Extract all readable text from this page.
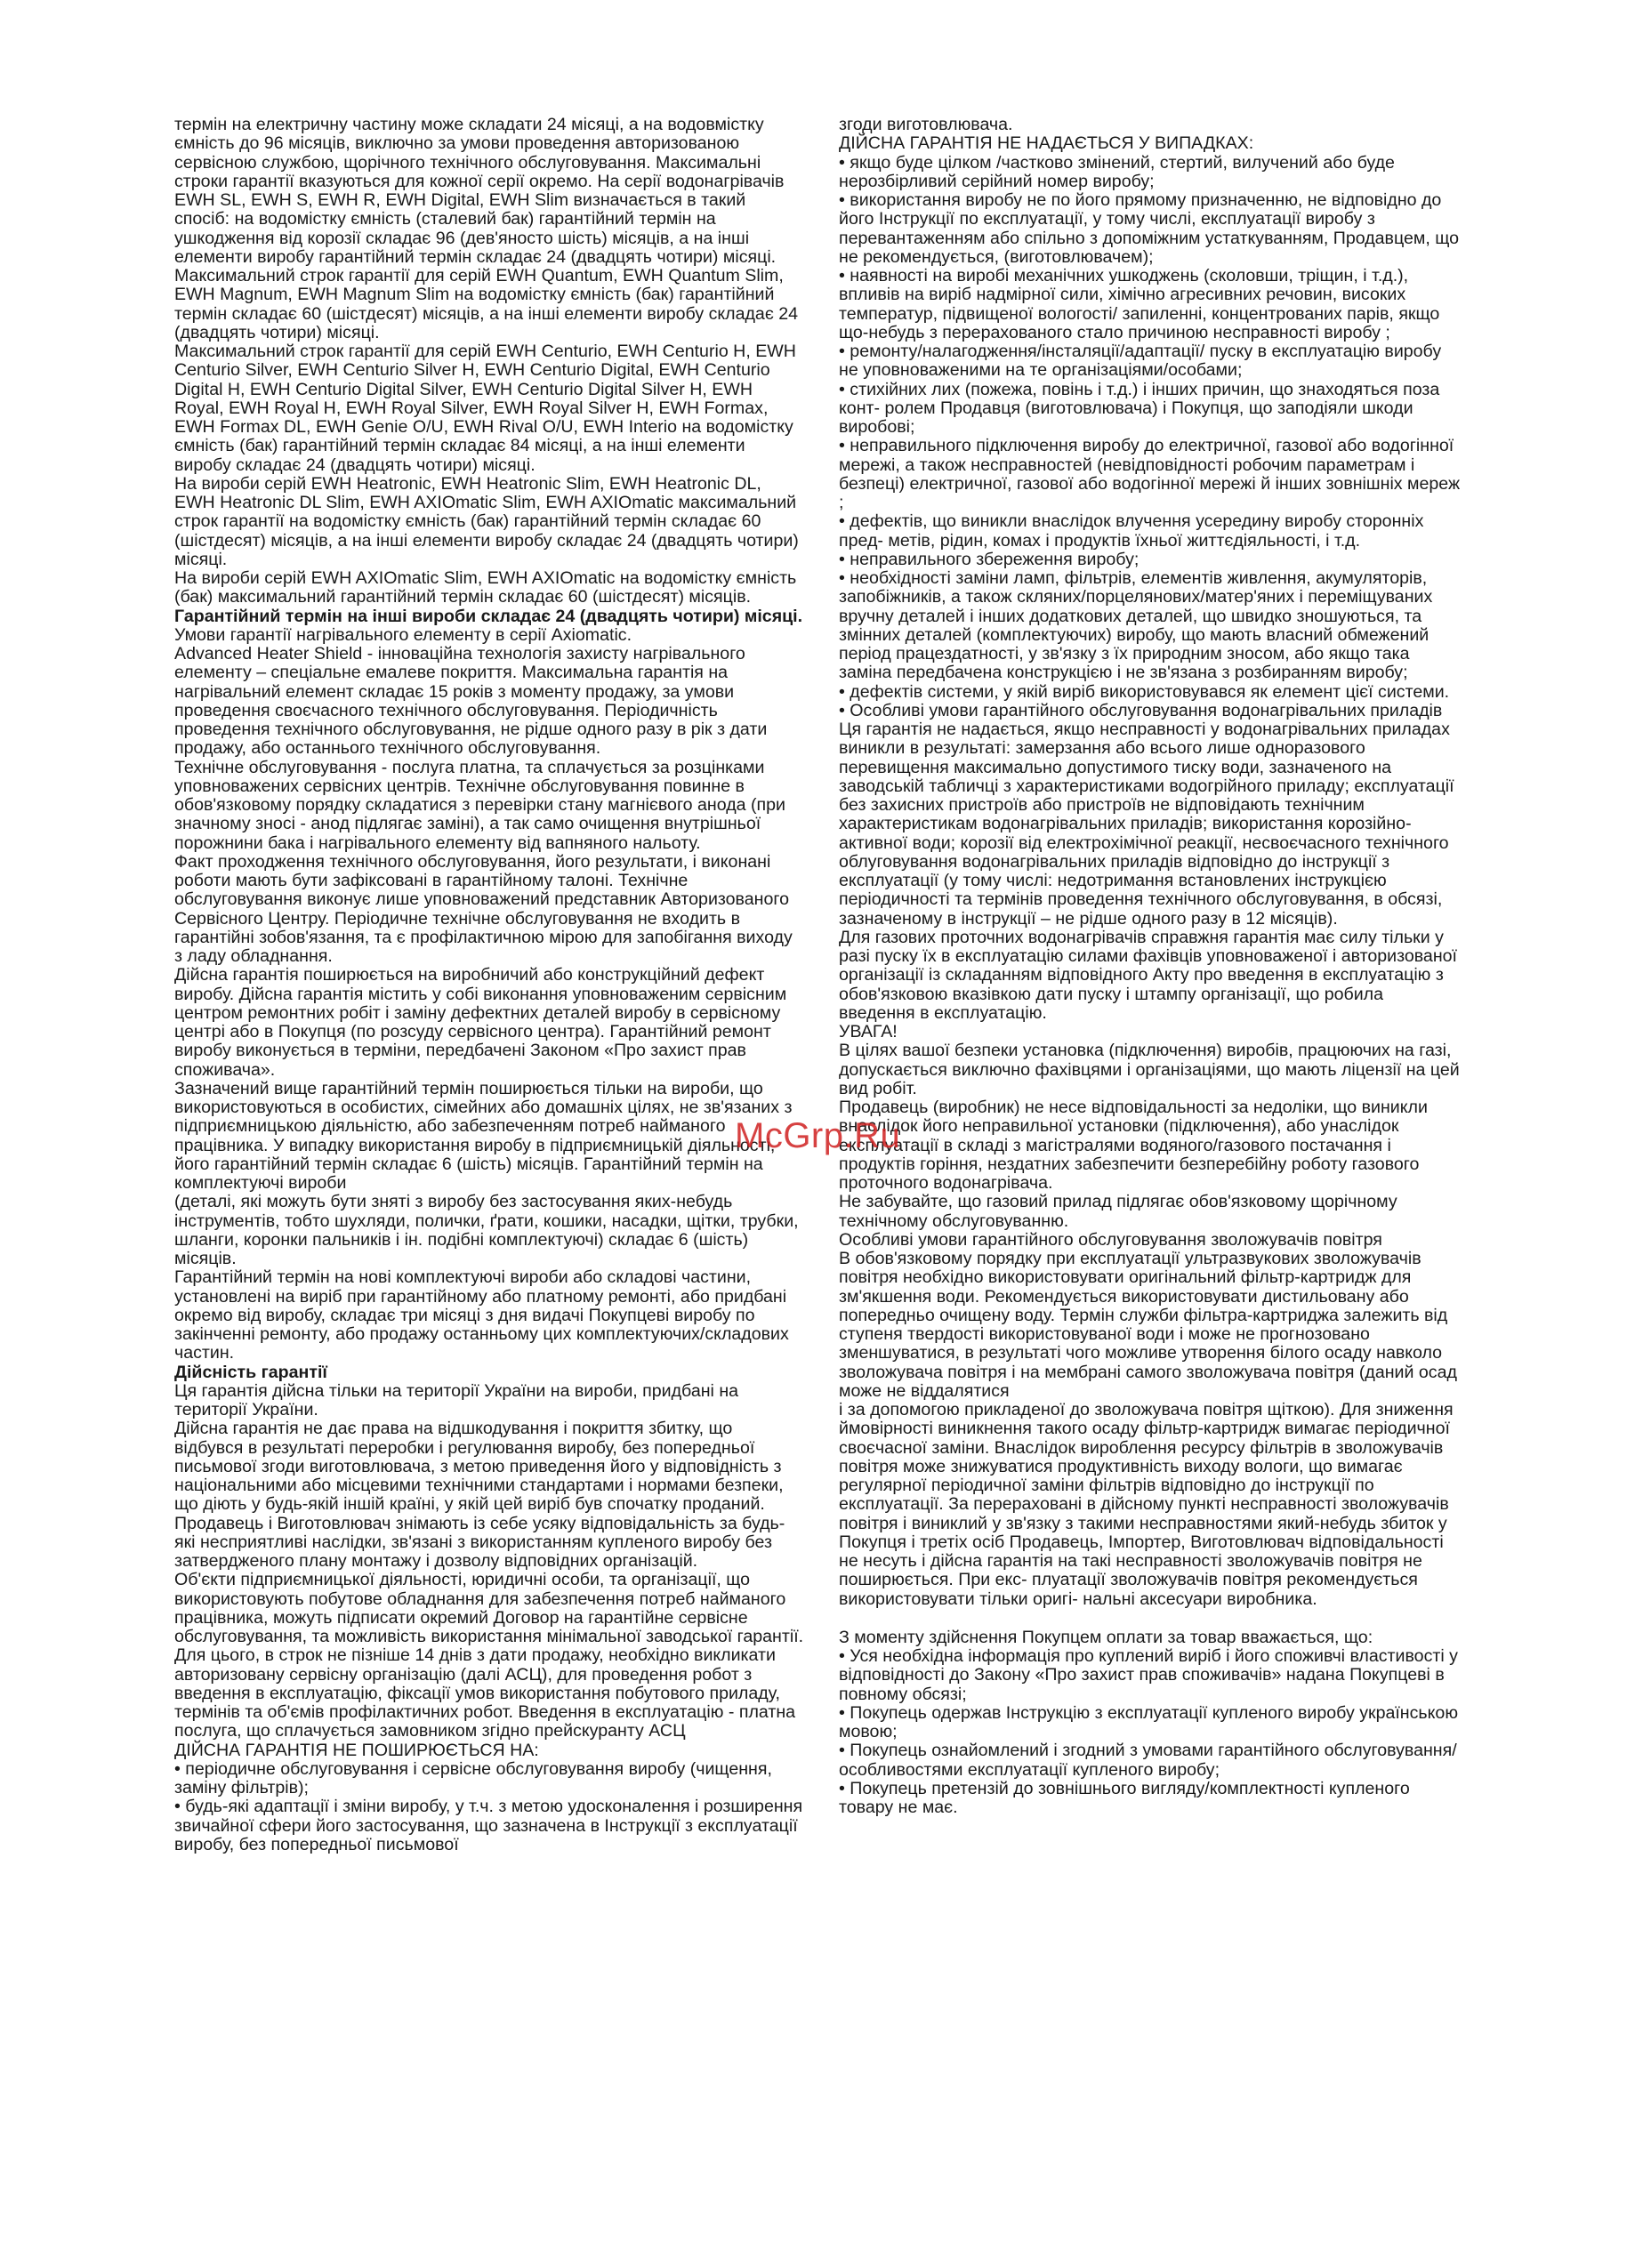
термін на електричну частину може складати 24 місяці, а на водовмістку ємність до 96 місяців, виключно за умови проведення авторизованою сервісною службою, щорічного технічного обслуговування. Максимальні строки гарантії вказуються для кожної серії окремо. На серії водонагрівачів EWH SL, EWH S, EWH R, EWH Digital, EWH Slim визначається в такий спосіб: на водомістку ємність (сталевий бак) гарантійний термін на ушкодження від корозії складає 96 (дев'яносто шість) місяців, а на інші елементи виробу гарантійний термін складає 24 (двадцять чотири) місяці.

Максимальний строк гарантії для серій EWH Quantum, EWH Quantum Slim, EWH Magnum, EWH Magnum Slim на водомістку ємність (бак) гарантійний термін складає 60 (шістдесят) місяців, а на інші елементи виробу складає 24 (двадцять чотири) місяці.

Максимальний строк гарантії для серій EWH Centurio, EWH Centurio H, EWH Centurio Silver, EWH Centurio Silver H, EWH Centurio Digital, EWH Centurio Digital H, EWH Centurio Digital Silver, EWH Centurio Digital Silver H, EWH Royal, EWH Royal H, EWH Royal Silver, EWH Royal Silver H, EWH Formax, EWH Formax DL, EWH Genie O/U, EWH Rival O/U, EWH Interio на водомістку ємність (бак) гарантійний термін складає 84 місяці, а на інші елементи виробу складає 24 (двадцять чотири) місяці.

На вироби серій EWH Heatronic, EWH Heatronic Slim, EWH Heatronic DL, EWH Heatronic DL Slim, EWH AXIOmatic Slim, EWH AXIOmatic максимальний строк гарантії на водомістку ємність (бак) гарантійний термін складає 60 (шістдесят) місяців, а на інші елементи виробу складає 24 (двадцять чотири) місяці.

На вироби серій EWH AXIOmatic Slim, EWH AXIOmatic на водомістку ємність (бак) максимальний гарантійний термін складає 60 (шістдесят) місяців.

Гарантійний термін на інші вироби складає 24 (двадцять чотири) місяці. Умови гарантії нагрівального елементу в серії Axiomatic.

Advanced Heater Shield - інноваційна технологія захисту нагрівального елементу – спеціальне емалеве покриття. Максимальна гарантія на нагрівальний елемент складає 15 років з моменту продажу, за умови проведення своєчасного технічного обслуговування. Періодичність проведення технічного обслуговування, не рідше одного разу в рік з дати продажу, або останнього технічного обслуговування.

Технічне обслуговування - послуга платна, та сплачується за розцінками уповноважених сервісних центрів. Технічне обслуговування повинне в обов'язковому порядку складатися з перевірки стану магнієвого анода (при значному зносі - анод підлягає заміні), а так само очищення внутрішньої порожнини бака і нагрівального елементу від вапняного нальоту.

Факт проходження технічного обслуговування, його результати, і виконані роботи мають бути зафіксовані в гарантійному талоні. Технічне обслуговування виконує лише уповноважений представник Авторизованого Сервісного Центру. Періодичне технічне обслуговування не входить в гарантійні зобов'язання, та є профілактичною мірою для запобігання виходу з ладу обладнання.

Дійсна гарантія поширюється на виробничий або конструкційний дефект виробу. Дійсна гарантія містить у собі виконання уповноваженим сервісним центром ремонтних робіт і заміну дефектних деталей виробу в сервісному центрі або в Покупця (по розсуду сервісного центра). Гарантійний ремонт виробу виконується в терміни, передбачені Законом «Про захист прав споживача».

Зазначений вище гарантійний термін поширюється тільки на вироби, що використовуються в особистих, сімейних або домашніх цілях, не зв'язаних з підприємницькою діяльністю, або забезпеченням потреб найманого працівника. У випадку використання виробу в підприємницькій діяльності, його гарантійний термін складає 6 (шість) місяців. Гарантійний термін на комплектуючі вироби

(деталі, які можуть бути зняті з виробу без застосування яких-небудь інструментів, тобто шухляди, полички, ґрати, кошики, насадки, щітки, трубки, шланги, коронки пальників і ін. подібні комплектуючі) складає 6 (шість) місяців.

Гарантійний термін на нові комплектуючі вироби або складові частини, установлені на виріб при гарантійному або платному ремонті, або придбані окремо від виробу, складає три місяці з дня видачі Покупцеві виробу по закінченні ремонту, або продажу останньому цих комплектуючих/складових частин.

Дійсність гарантії

Ця гарантія дійсна тільки на території України на вироби, придбані на території України.

Дійсна гарантія не дає права на відшкодування і покриття збитку, що відбувся в результаті переробки і регулювання виробу, без попередньої письмової згоди виготовлювача, з метою приведення його у відповідність з національними або місцевими технічними стандартами і нормами безпеки, що діють у будь-якій іншій країні, у якій цей виріб був спочатку проданий.

Продавець і Виготовлювач знімають із себе усяку відповідальність за будь-які несприятливі наслідки, зв'язані з використанням купленого виробу без затвердженого плану монтажу і дозволу відповідних організацій.

Об'єкти підприємницької діяльності, юридичні особи, та організації, що використовують побутове обладнання для забезпечення потреб найманого працівника, можуть підписати окремий Договор на гарантійне сервісне обслуговування, та можливість використання мінімальної заводської гарантії. Для цього, в строк не пізніше 14 днів з дати продажу, необхідно викликати авторизовану сервісну організацію (далі АСЦ), для проведення робот з введення в експлуатацію, фіксації умов використання побутового приладу, термінів та об'ємів профілактичних робот. Введення в експлуатацію - платна послуга, що сплачується замовником згідно прейскуранту АСЦ

ДІЙСНА ГАРАНТІЯ НЕ ПОШИРЮЄТЬСЯ НА:

• періодичне обслуговування і сервісне обслуговування виробу (чищення, заміну фільтрів);

• будь-які адаптації і зміни виробу, у т.ч. з метою удосконалення і розширення звичайної сфери його застосування, що зазначена в Інструкції з експлуатації виробу, без попередньої письмової

згоди виготовлювача.

ДІЙСНА ГАРАНТІЯ НЕ НАДАЄТЬСЯ У ВИПАДКАХ:

• якщо буде цілком /частково змінений, стертий, вилучений або буде нерозбірливий серійний номер виробу;

• використання виробу не по його прямому призначенню, не відповідно до його Інструкції по експлуатації, у тому числі, експлуатації виробу з перевантаженням або спільно з допоміжним устаткуванням, Продавцем, що не рекомендується, (виготовлювачем);

• наявності на виробі механічних ушкоджень (сколовши, тріщин, і т.д.), впливів на виріб надмірної сили, хімічно агресивних речовин, високих температур, підвищеної вологості/ запиленні, концентрованих парів, якщо що-небудь з перерахованого стало причиною несправності виробу ;

• ремонту/налагодження/інсталяції/адаптації/ пуску в експлуатацію виробу не уповноваженими на те організаціями/особами;

• стихійних лих (пожежа, повінь і т.д.) і інших причин, що знаходяться поза конт- ролем Продавця (виготовлювача) і Покупця, що заподіяли шкоди виробові;

• неправильного підключення виробу до електричної, газової або водогінної мережі, а також несправностей (невідповідності робочим параметрам і безпеці) електричної, газової або водогінної мережі й інших зовнішніх мереж ;

• дефектів, що виникли внаслідок влучення усередину виробу сторонніх пред- метів, рідин, комах і продуктів їхньої життєдіяльності, і т.д.

• неправильного збереження виробу;

• необхідності заміни ламп, фільтрів, елементів живлення, акумуляторів, запобіжників, а також скляних/порцелянових/матер'яних і переміщуваних вручну деталей і інших додаткових деталей, що швидко зношуються, та змінних деталей (комплектуючих) виробу, що мають власний обмежений період працездатності, у зв'язку з їх природним зносом, або якщо така заміна передбачена конструкцією і не зв'язана з розбиранням виробу;

• дефектів системи, у якій виріб використовувався як елемент цієї системи.

• Особливі умови гарантійного обслуговування водонагрівальних приладів Ця гарантія не надається, якщо несправності у водонагрівальних приладах виникли в результаті: замерзання або всього лише одноразового перевищення максимально допустимого тиску води, зазначеного на заводській табличці з характеристиками водогрійного приладу; експлуатації без захисних пристроїв або пристроїв не відповідають технічним характеристикам водонагрівальних приладів; використання корозійно-активної води; корозії від електрохімічної реакції, несвоєчасного технічного облуговування водонагрівальних приладів відповідно до інструкції з експлуатації (у тому числі: недотримання встановлених інструкцією періодичності та термінів проведення технічного обслуговування, в обсязі, зазначеному в інструкції – не рідше одного разу в 12 місяців).

Для газових проточних водонагрівачів справжня гарантія має силу тільки у разі пуску їх в експлуатацію силами фахівців уповноваженої і авторизованої організації із складанням відповідного Акту про введення в експлуатацію з обов'язковою вказівкою дати пуску і штампу організації, що робила введення в експлуатацію.

УВАГА!

В цілях вашої безпеки установка (підключення) виробів, працюючих на газі, допускається виключно фахівцями і організаціями, що мають ліцензії на цей вид робіт.

Продавець (виробник) не несе відповідальності за недоліки, що виникли внаслідок його неправильної установки (підключення), або унаслідок експлуатації в складі з магістралями водяного/газового постачання і продуктів горіння, нездатних забезпечити безперебійну роботу газового проточного водонагрівача.

Не забувайте, що газовий прилад підлягає обов'язковому щорічному технічному обслуговуванню.

Особливі умови гарантійного обслуговування зволожувачів повітря

В обов'язковому порядку при експлуатації ультразвукових зволожувачів повітря необхідно використовувати оригінальний фільтр-картридж для зм'якшення води. Рекомендується використовувати дистильовану або попередньо очищену воду. Термін служби фільтра-картриджа залежить від ступеня твердості використовуваної води і може не прогнозовано зменшуватися, в результаті чого можливе утворення білого осаду навколо зволожувача повітря і на мембрані самого зволожувача повітря (даний осад може не віддалятися

і за допомогою прикладеної до зволожувача повітря щіткою). Для зниження ймовірності виникнення такого осаду фільтр-картридж вимагає періодичної своєчасної заміни. Внаслідок вироблення ресурсу фільтрів в зволожувачів повітря може знижуватися продуктивність виходу вологи, що вимагає регулярної періодичної заміни фільтрів відповідно до інструкції по експлуатації. За перераховані в дійсному пункті несправності зволожувачів повітря і виниклий у зв'язку з такими несправностями який-небудь збиток у Покупця і третіх осіб Продавець, Імпортер, Виготовлювач відповідальності не несуть і дійсна гарантія на такі несправності зволожувачів повітря не поширюється. При екс- плуатації зволожувачів повітря рекомендується використовувати тільки оригі- нальні аксесуари виробника.

З моменту здійснення Покупцем оплати за товар вважається, що:

• Уся необхідна інформація про куплений виріб і його споживчі властивості у відповідності до Закону «Про захист прав споживачів» надана Покупцеві в повному обсязі;

• Покупець одержав Інструкцію з експлуатації купленого виробу українською мовою;

• Покупець ознайомлений і згодний з умовами гарантійного обслуговування/ особливостями експлуатації купленого виробу;

• Покупець претензій до зовнішнього вигляду/комплектності купленого товару не має.

McGrp.Ru
